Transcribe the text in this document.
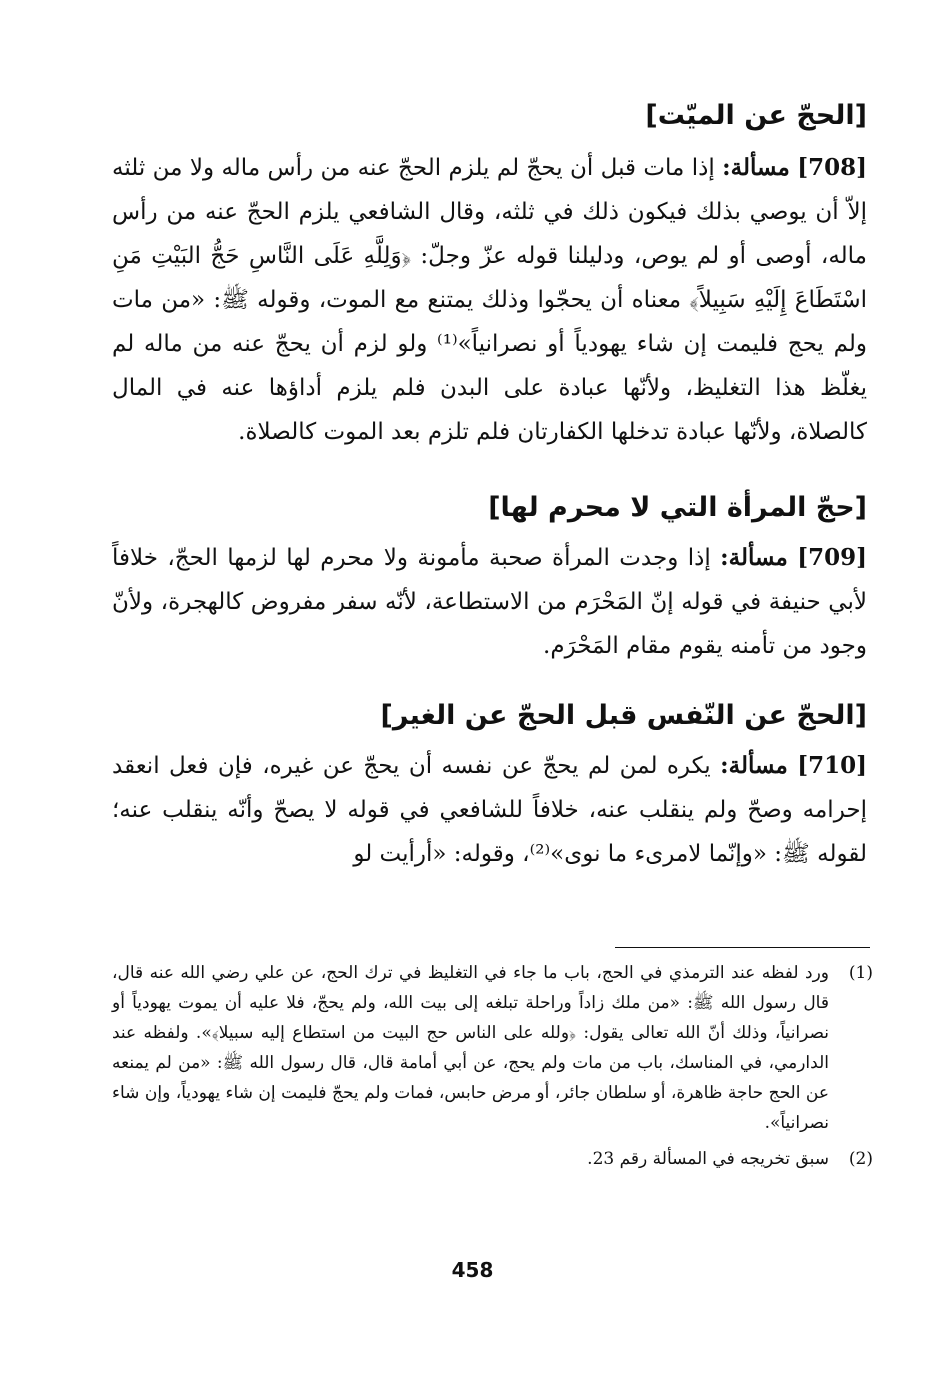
[الحجّ عن الميّت]

[708] مسألة: إذا مات قبل أن يحجّ لم يلزم الحجّ عنه من رأس ماله ولا من ثلثه إلاّ أن يوصي بذلك فيكون ذلك في ثلثه، وقال الشافعي يلزم الحجّ عنه من رأس ماله، أوصى أو لم يوص، ودليلنا قوله عزّ وجلّ: ﴿وَلِلَّهِ عَلَى النَّاسِ حَجُّ البَيْتِ مَنِ اسْتَطَاعَ إِلَيْهِ سَبِيلاً﴾ معناه أن يحجّوا وذلك يمتنع مع الموت، وقوله ﷺ: «من مات ولم يحج فليمت إن شاء يهودياً أو نصرانياً»⁽¹⁾ ولو لزم أن يحجّ عنه من ماله لم يغلّظ هذا التغليظ، ولأنّها عبادة على البدن فلم يلزم أداؤها عنه في المال كالصلاة، ولأنّها عبادة تدخلها الكفارتان فلم تلزم بعد الموت كالصلاة.

[حجّ المرأة التي لا محرم لها]

[709] مسألة: إذا وجدت المرأة صحبة مأمونة ولا محرم لها لزمها الحجّ، خلافاً لأبي حنيفة في قوله إنّ المَحْرَم من الاستطاعة، لأنّه سفر مفروض كالهجرة، ولأنّ وجود من تأمنه يقوم مقام المَحْرَم.

[الحجّ عن النّفس قبل الحجّ عن الغير]

[710] مسألة: يكره لمن لم يحجّ عن نفسه أن يحجّ عن غيره، فإن فعل انعقد إحرامه وصحّ ولم ينقلب عنه، خلافاً للشافعي في قوله لا يصحّ وأنّه ينقلب عنه؛ لقوله ﷺ: «وإنّما لامرىء ما نوى»⁽²⁾، وقوله: «أرأيت لو

(1)
ورد لفظه عند الترمذي في الحج، باب ما جاء في التغليظ في ترك الحج، عن علي رضي الله عنه قال، قال رسول الله ﷺ: «من ملك زاداً وراحلة تبلغه إلى بيت الله، ولم يحجّ، فلا عليه أن يموت يهودياً أو نصرانياً، وذلك أنّ الله تعالى يقول: ﴿ولله على الناس حج البيت من استطاع إليه سبيلا﴾». ولفظه عند الدارمي، في المناسك، باب من مات ولم يحج، عن أبي أمامة قال، قال رسول الله ﷺ: «من لم يمنعه عن الحج حاجة ظاهرة، أو سلطان جائر، أو مرض حابس، فمات ولم يحجّ فليمت إن شاء يهودياً، وإن شاء نصرانياً».
(2)
سبق تخريجه في المسألة رقم 23.
458
